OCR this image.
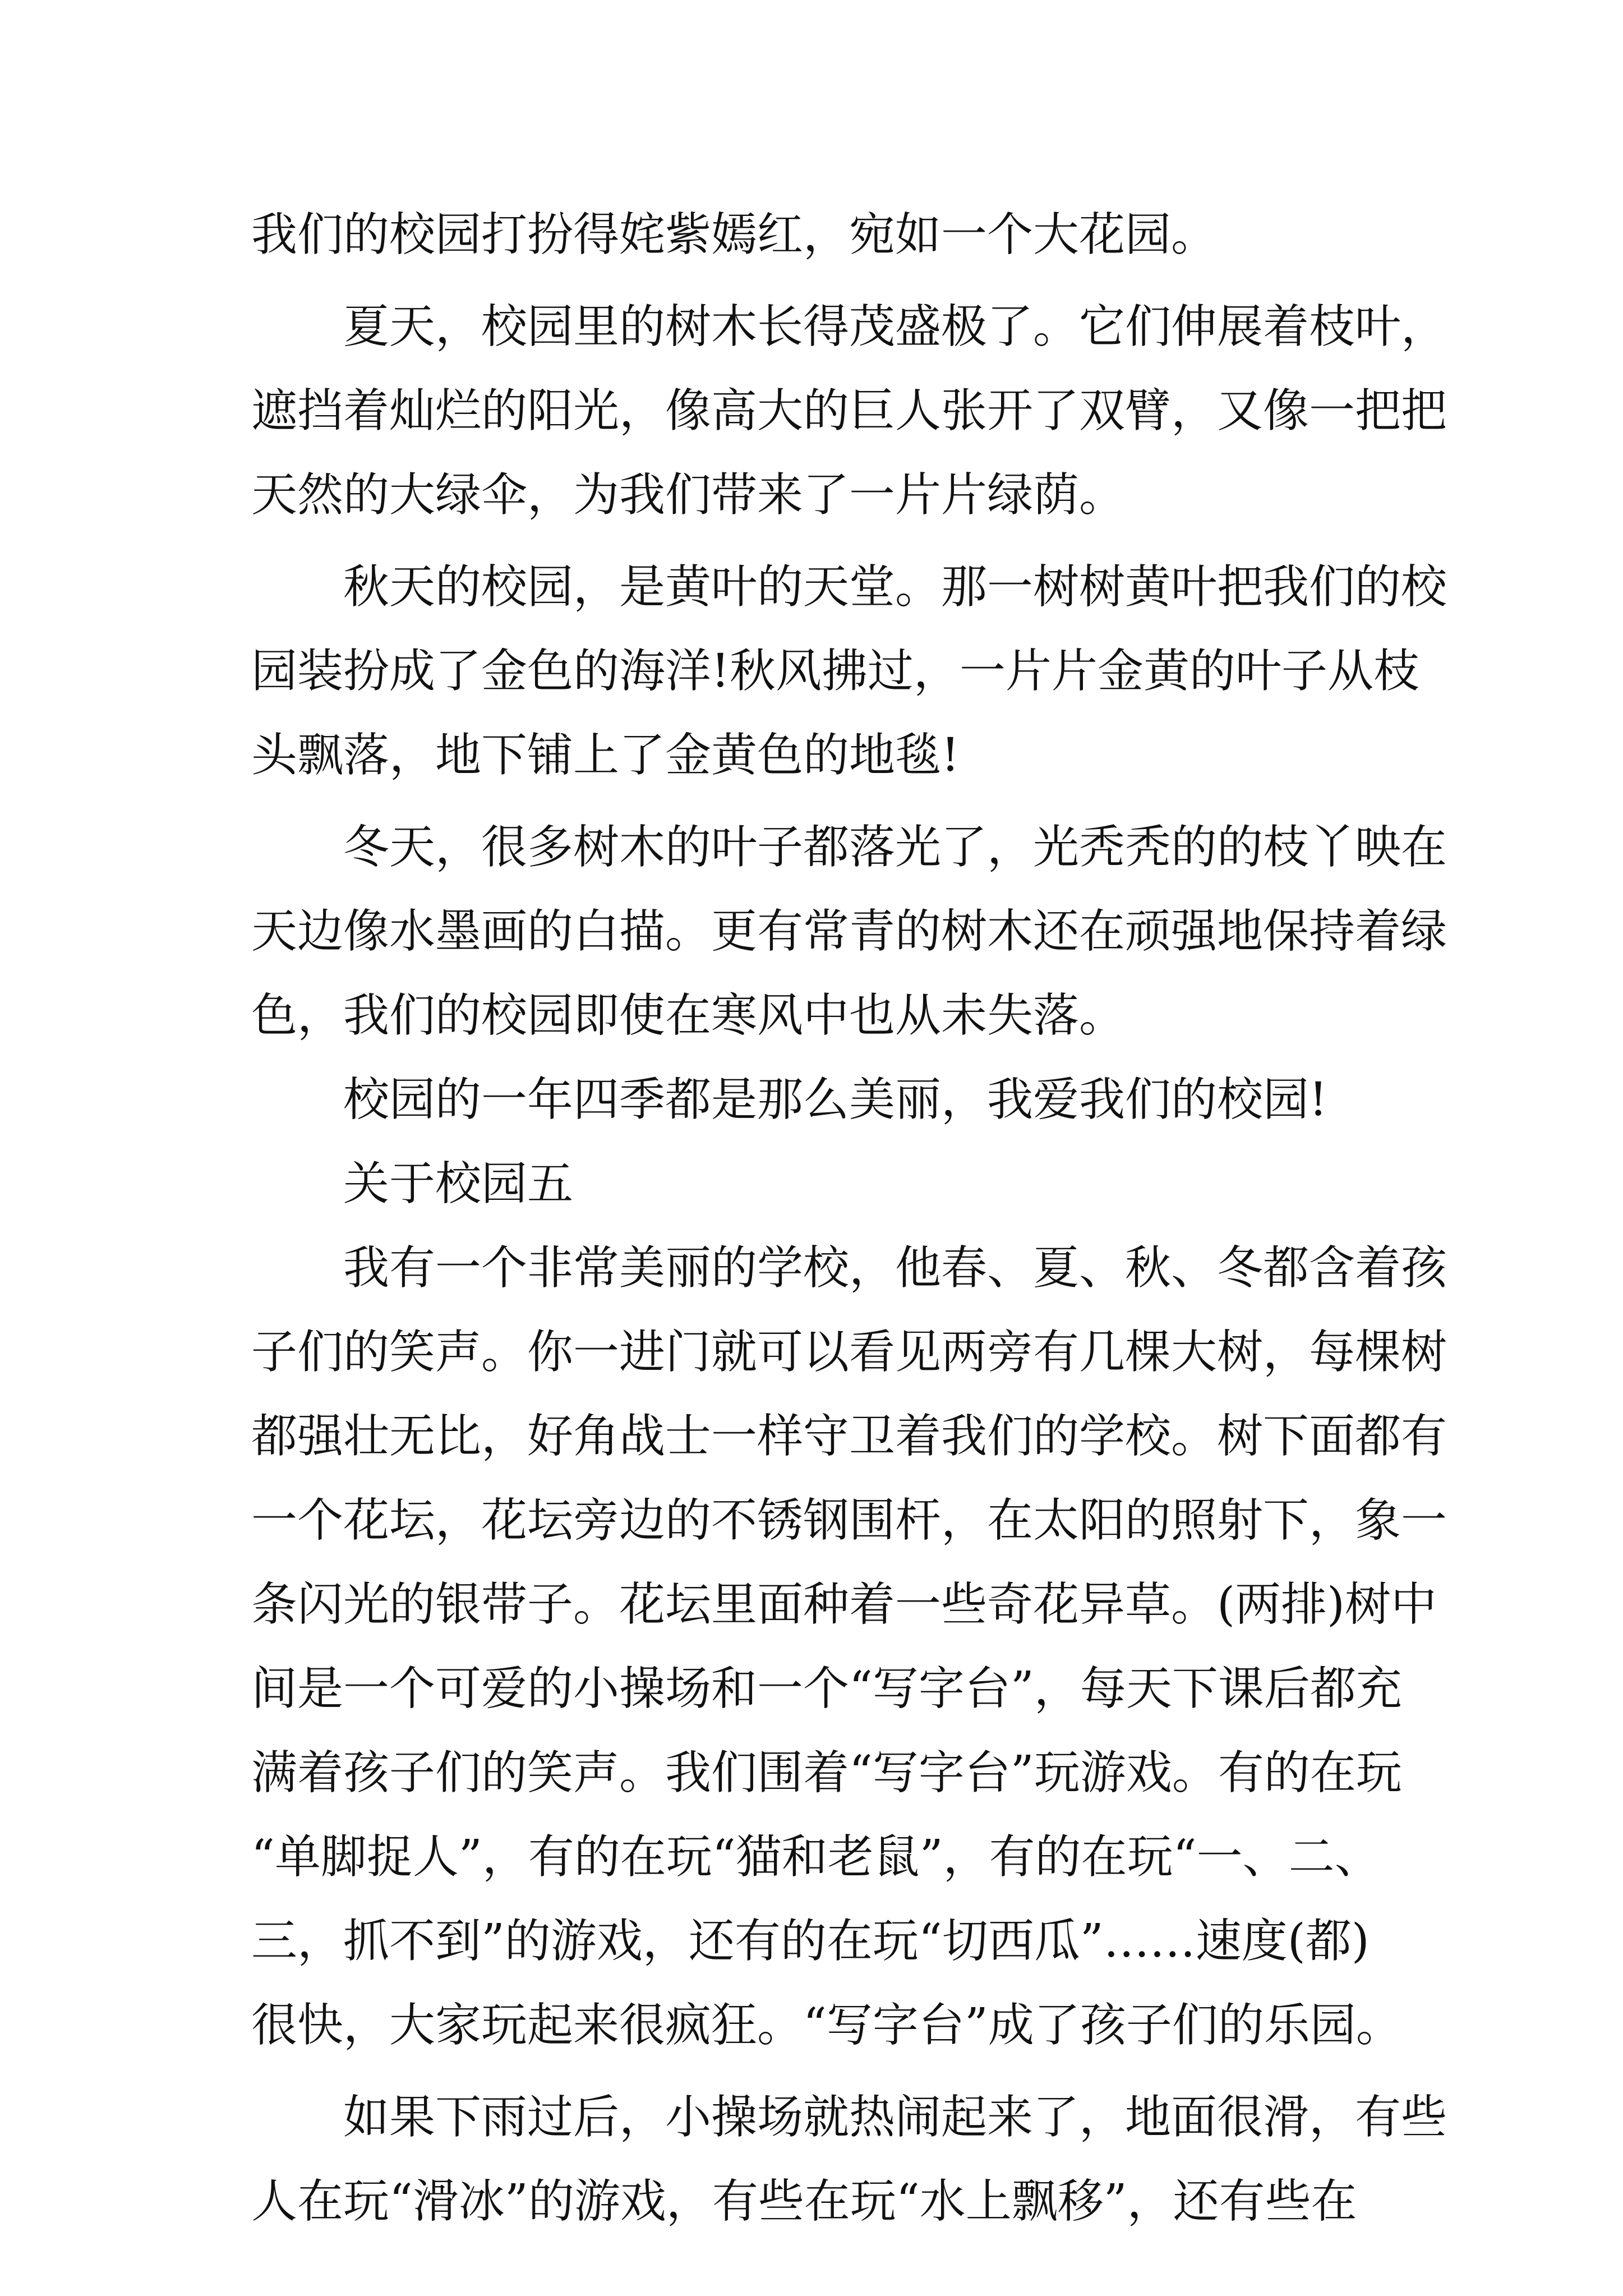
我们的校园打扮得姹紫嫣红，宛如一个大花园。
夏天，校园里的树木长得茂盛极了。它们伸展着枝叶，
遮挡着灿烂的阳光，像高大的巨人张开了双臂，又像一把把
天然的大绿伞，为我们带来了一片片绿荫。
秋天的校园，是黄叶的天堂。那一树树黄叶把我们的校
园装扮成了金色的海洋!秋风拂过，一片片金黄的叶子从枝
头飘落，地下铺上了金黄色的地毯!
冬天，很多树木的叶子都落光了，光秃秃的的枝丫映在
天边像水墨画的白描。更有常青的树木还在顽强地保持着绿
色，我们的校园即使在寒风中也从未失落。
校园的一年四季都是那么美丽，我爱我们的校园!
关于校园五
我有一个非常美丽的学校，他春、夏、秋、冬都含着孩
子们的笑声。你一进门就可以看见两旁有几棵大树，每棵树
都强壮无比，好角战士一样守卫着我们的学校。树下面都有
一个花坛，花坛旁边的不锈钢围杆，在太阳的照射下，象一
条闪光的银带子。花坛里面种着一些奇花异草。(两排)树中
间是一个可爱的小操场和一个“写字台”，每天下课后都充
满着孩子们的笑声。我们围着“写字台”玩游戏。有的在玩
“单脚捉人”，有的在玩“猫和老鼠”，有的在玩“一、二、
三，抓不到”的游戏，还有的在玩“切西瓜”……速度(都)
很快，大家玩起来很疯狂。“写字台”成了孩子们的乐园。
如果下雨过后，小操场就热闹起来了，地面很滑，有些
人在玩“滑冰”的游戏，有些在玩“水上飘移”，还有些在
